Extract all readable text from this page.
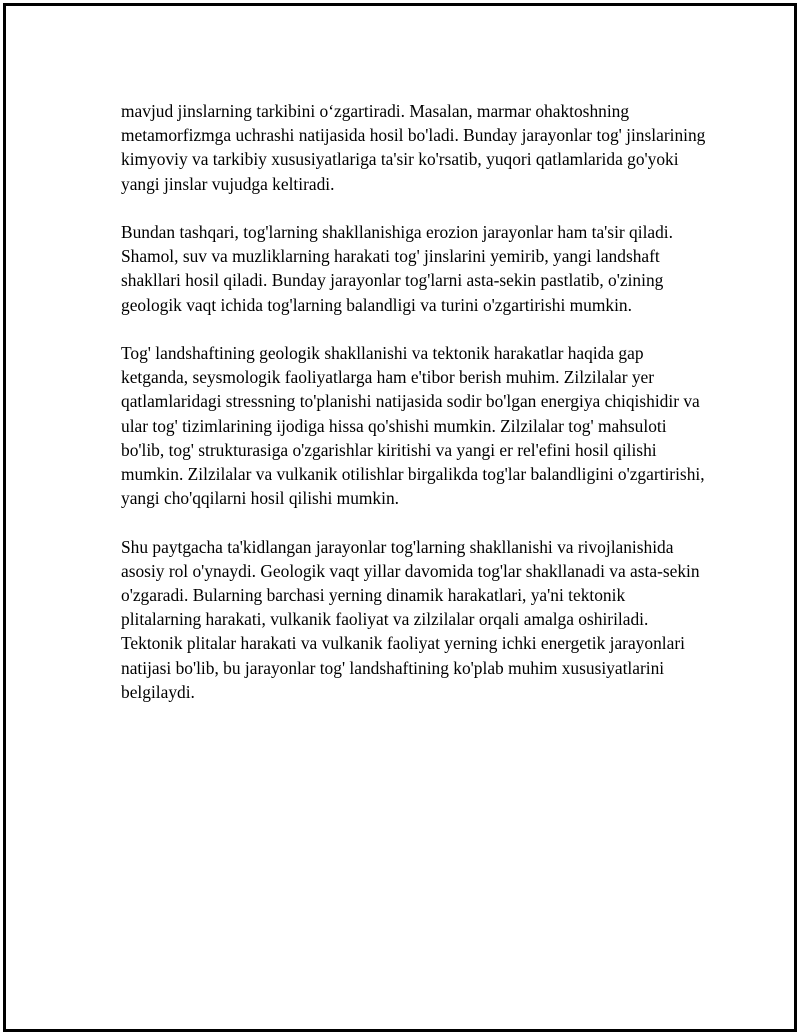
mavjud jinslarning tarkibini o‘zgartiradi. Masalan, marmar ohaktoshning metamorfizmga uchrashi natijasida hosil bo'ladi. Bunday jarayonlar tog' jinslarining kimyoviy va tarkibiy xususiyatlariga ta'sir ko'rsatib, yuqori qatlamlarida go'yoki yangi jinslar vujudga keltiradi.

Bundan tashqari, tog'larning shakllanishiga erozion jarayonlar ham ta'sir qiladi. Shamol, suv va muzliklarning harakati tog' jinslarini yemirib, yangi landshaft shakllari hosil qiladi. Bunday jarayonlar tog'larni asta-sekin pastlatib, o'zining geologik vaqt ichida tog'larning balandligi va turini o'zgartirishi mumkin.

Tog' landshaftining geologik shakllanishi va tektonik harakatlar haqida gap ketganda, seysmologik faoliyatlarga ham e'tibor berish muhim. Zilzilalar yer qatlamlaridagi stressning to'planishi natijasida sodir bo'lgan energiya chiqishidir va ular tog' tizimlarining ijodiga hissa qo'shishi mumkin. Zilzilalar tog' mahsuloti bo'lib, tog' strukturasiga o'zgarishlar kiritishi va yangi er rel'efini hosil qilishi mumkin. Zilzilalar va vulkanik otilishlar birgalikda tog'lar balandligini o'zgartirishi, yangi cho'qqilarni hosil qilishi mumkin.

Shu paytgacha ta'kidlangan jarayonlar tog'larning shakllanishi va rivojlanishida asosiy rol o'ynaydi. Geologik vaqt yillar davomida tog'lar shakllanadi va asta-sekin o'zgaradi. Bularning barchasi yerning dinamik harakatlari, ya'ni tektonik plitalarning harakati, vulkanik faoliyat va zilzilalar orqali amalga oshiriladi. Tektonik plitalar harakati va vulkanik faoliyat yerning ichki energetik jarayonlari natijasi bo'lib, bu jarayonlar tog' landshaftining ko'plab muhim xususiyatlarini belgilaydi.
